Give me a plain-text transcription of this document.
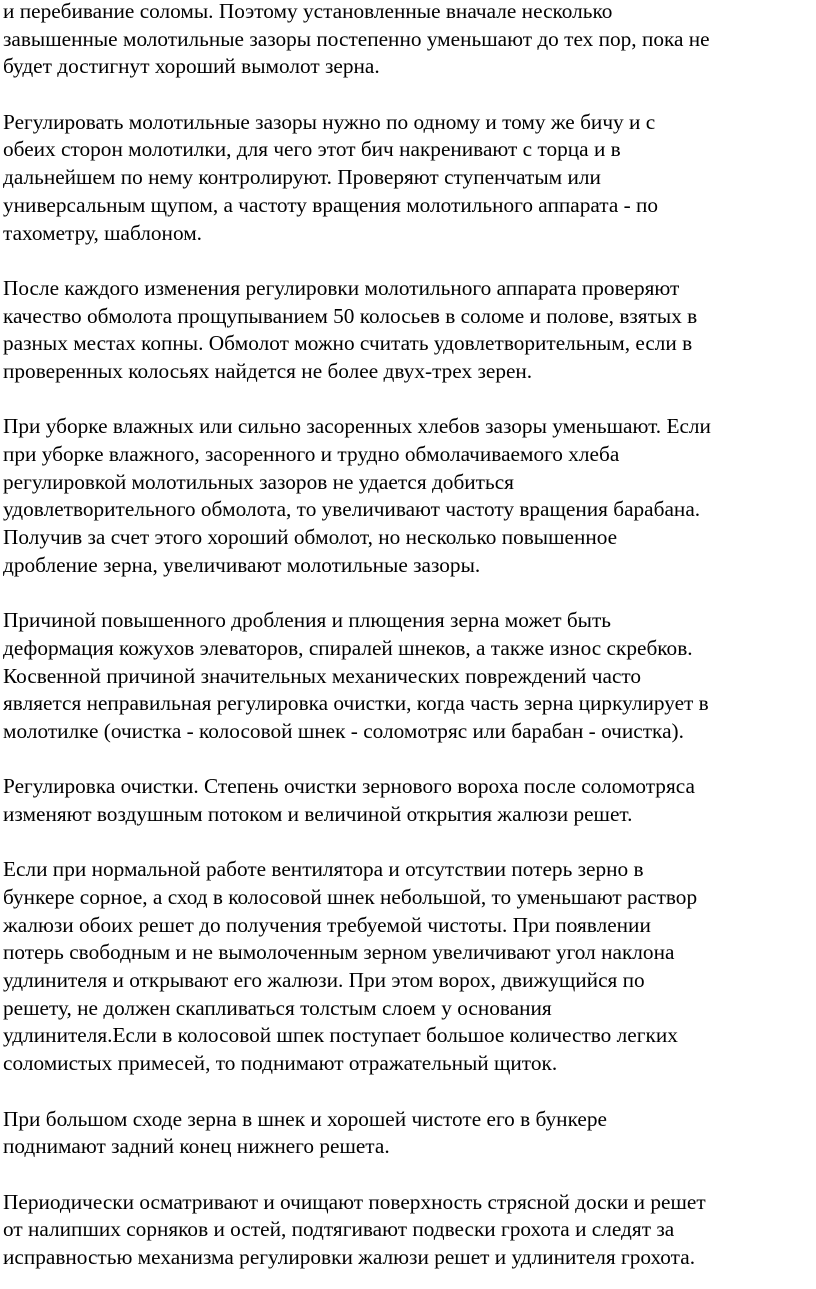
и перебивание соломы. Поэтому установленные вначале несколько
завышенные молотильные зазоры постепенно уменьшают до тех пор, пока не
будет достигнут хороший вымолот зерна.
Регулировать молотильные зазоры нужно по одному и тому же бичу и с
обеих сторон молотилки, для чего этот бич накренивают с торца и в
дальнейшем по нему контролируют. Проверяют ступенчатым или
универсальным щупом, а частоту вращения молотильного аппарата - по
тахометру, шаблоном.
После каждого изменения регулировки молотильного аппарата проверяют
качество обмолота прощупыванием 50 колосьев в соломе и полове, взятых в
разных местах копны. Обмолот можно считать удовлетворительным, если в
проверенных колосьях найдется не более двух-трех зерен.
При уборке влажных или сильно засоренных хлебов зазоры уменьшают. Если
при уборке влажного, засоренного и трудно обмолачиваемого хлеба
регулировкой молотильных зазоров не удается добиться
удовлетворительного обмолота, то увеличивают частоту вращения барабана.
Получив за счет этого хороший обмолот, но несколько повышенное
дробление зерна, увеличивают молотильные зазоры.
Причиной повышенного дробления и плющения зерна может быть
деформация кожухов элеваторов, спиралей шнеков, а также износ скребков.
Косвенной причиной значительных механических повреждений часто
является неправильная регулировка очистки, когда часть зерна циркулирует в
молотилке (очистка - колосовой шнек - соломотряс или барабан - очистка).
Регулировка очистки. Степень очистки зернового вороха после соломотряса
изменяют воздушным потоком и величиной открытия жалюзи решет.
Если при нормальной работе вентилятора и отсутствии потерь зерно в
бункере сорное, а сход в колосовой шнек небольшой, то уменьшают раствор
жалюзи обоих решет до получения требуемой чистоты. При появлении
потерь свободным и не вымолоченным зерном увеличивают угол наклона
удлинителя и открывают его жалюзи. При этом ворох, движущийся по
решету, не должен скапливаться толстым слоем у основания
удлинителя.Если в колосовой шпек поступает большое количество легких
соломистых примесей, то поднимают отражательный щиток.
При большом сходе зерна в шнек и хорошей чистоте его в бункере
поднимают задний конец нижнего решета.
Периодически осматривают и очищают поверхность стрясной доски и решет
от налипших сорняков и остей, подтягивают подвески грохота и следят за
исправностью механизма регулировки жалюзи решет и удлинителя грохота.
